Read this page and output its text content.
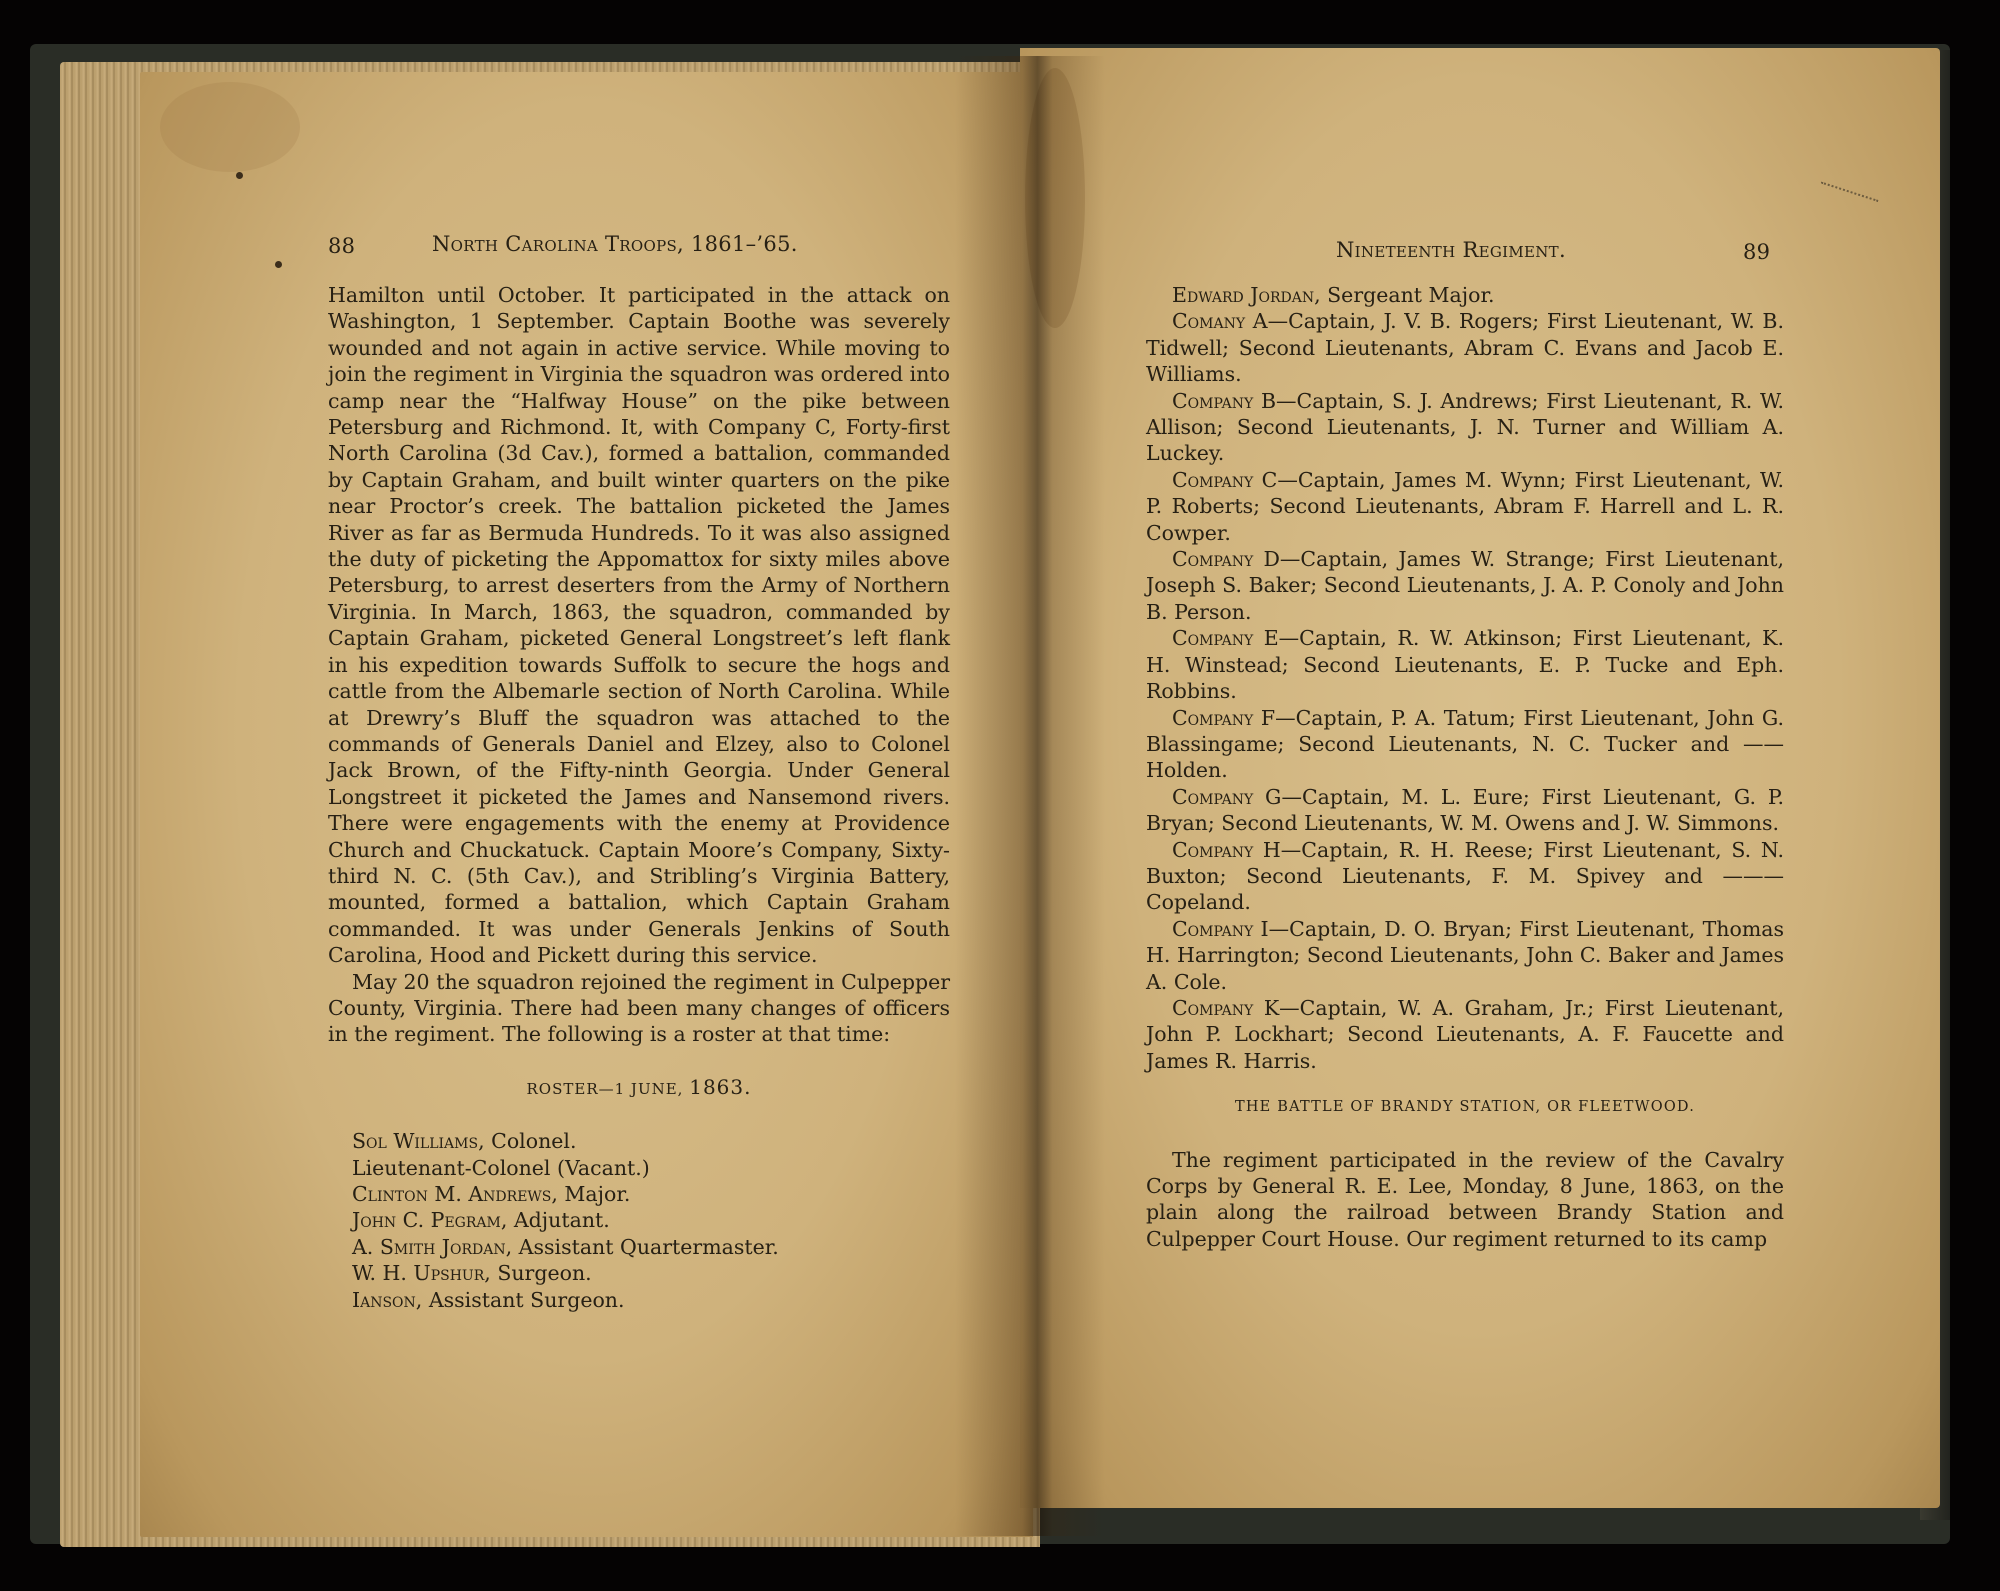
88	North Carolina Troops, 1861–’65.

Hamilton until October. It participated in the attack on Washington, 1 September. Captain Boothe was severely wounded and not again in active service. While moving to join the regiment in Virginia the squadron was ordered into camp near the “Halfway House” on the pike between Petersburg and Richmond. It, with Company C, Forty-first North Carolina (3d Cav.), formed a battalion, commanded by Captain Graham, and built winter quarters on the pike near Proctor’s creek. The battalion picketed the James River as far as Bermuda Hundreds. To it was also assigned the duty of picketing the Appomattox for sixty miles above Petersburg, to arrest deserters from the Army of Northern Virginia. In March, 1863, the squadron, commanded by Captain Graham, picketed General Longstreet’s left flank in his expedition towards Suffolk to secure the hogs and cattle from the Albemarle section of North Carolina. While at Drewry’s Bluff the squadron was attached to the commands of Generals Daniel and Elzey, also to Colonel Jack Brown, of the Fifty-ninth Georgia. Under General Longstreet it picketed the James and Nansemond rivers. There were engagements with the enemy at Providence Church and Chuckatuck. Captain Moore’s Company, Sixty-third N. C. (5th Cav.), and Stribling’s Virginia Battery, mounted, formed a battalion, which Captain Graham commanded. It was under Generals Jenkins of South Carolina, Hood and Pickett during this service.

May 20 the squadron rejoined the regiment in Culpepper County, Virginia. There had been many changes of officers in the regiment. The following is a roster at that time:

ROSTER—1 JUNE, 1863.
Sol Williams, Colonel.
Lieutenant-Colonel (Vacant.)
Clinton M. Andrews, Major.
John C. Pegram, Adjutant.
A. Smith Jordan, Assistant Quartermaster.
W. H. Upshur, Surgeon.
Ianson, Assistant Surgeon.
Nineteenth Regiment.	89

Edward Jordan, Sergeant Major.

Comany A—Captain, J. V. B. Rogers; First Lieutenant, W. B. Tidwell; Second Lieutenants, Abram C. Evans and Jacob E. Williams.

Company B—Captain, S. J. Andrews; First Lieutenant, R. W. Allison; Second Lieutenants, J. N. Turner and William A. Luckey.

Company C—Captain, James M. Wynn; First Lieutenant, W. P. Roberts; Second Lieutenants, Abram F. Harrell and L. R. Cowper.

Company D—Captain, James W. Strange; First Lieutenant, Joseph S. Baker; Second Lieutenants, J. A. P. Conoly and John B. Person.

Company E—Captain, R. W. Atkinson; First Lieutenant, K. H. Winstead; Second Lieutenants, E. P. Tucke and Eph. Robbins.

Company F—Captain, P. A. Tatum; First Lieutenant, John G. Blassingame; Second Lieutenants, N. C. Tucker and —— Holden.

Company G—Captain, M. L. Eure; First Lieutenant, G. P. Bryan; Second Lieutenants, W. M. Owens and J. W. Simmons.

Company H—Captain, R. H. Reese; First Lieutenant, S. N. Buxton; Second Lieutenants, F. M. Spivey and ——— Copeland.

Company I—Captain, D. O. Bryan; First Lieutenant, Thomas H. Harrington; Second Lieutenants, John C. Baker and James A. Cole.

Company K—Captain, W. A. Graham, Jr.; First Lieutenant, John P. Lockhart; Second Lieutenants, A. F. Faucette and James R. Harris.

THE BATTLE OF BRANDY STATION, OR FLEETWOOD.

The regiment participated in the review of the Cavalry Corps by General R. E. Lee, Monday, 8 June, 1863, on the plain along the railroad between Brandy Station and Culpepper Court House. Our regiment returned to its camp
